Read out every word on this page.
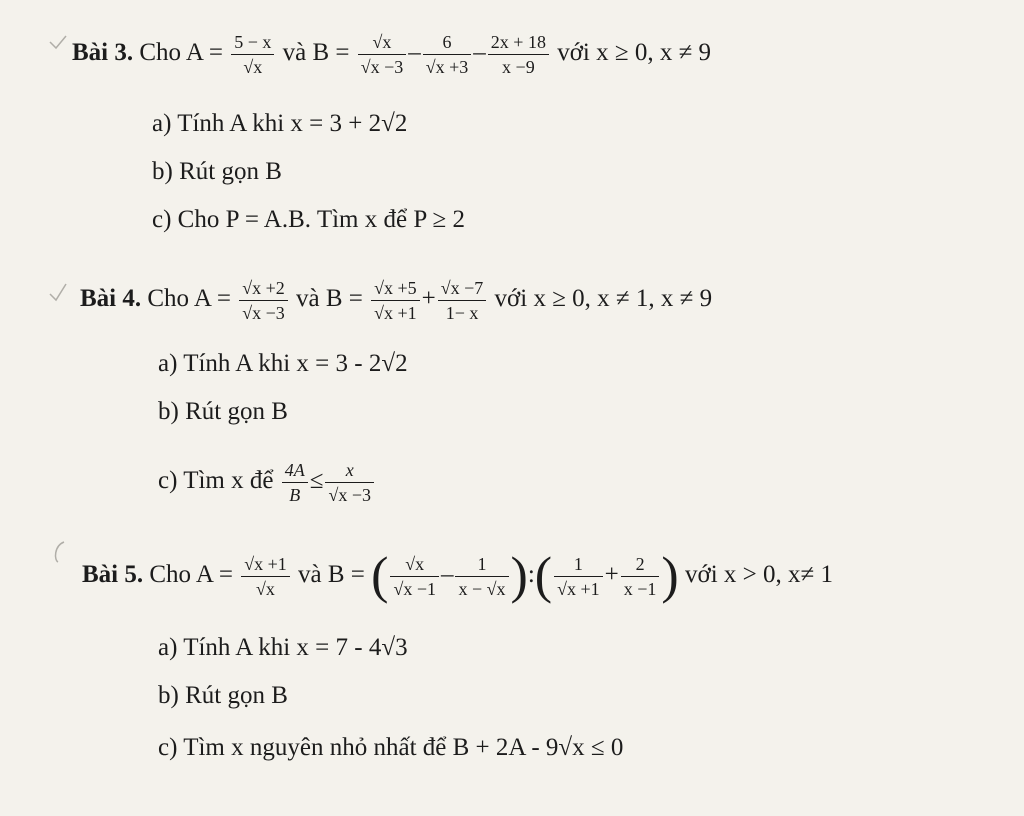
Bài 3. Cho $A = \frac{5 - x}{√x}$ và $B = \frac{√x}{√x -3} - \frac{6}{√x +3} - \frac{2x + 18}{x -9}$ với x ≥ 0, x ≠ 9
a) Tính A khi x = 3 + 2√2
b) Rút gọn B
c) Cho P = A.B. Tìm x để P ≥ 2
Bài 4. Cho $A = \frac{√x +2}{√x -3}$ và $B = \frac{√x +5}{√x +1} + \frac{√x -7}{1- x}$ với x ≥ 0, x ≠ 1, x ≠ 9
a) Tính A khi x = 3 - 2√2
b) Rút gọn B
c) Tìm x để $\frac{4A}{B} \le \frac{x}{√x -3}$
Bài 5. Cho $A = \frac{√x +1}{√x}$ và B = ( $\frac{√x}{√x -1} - \frac{1}{x - √x}$ ):( $\frac{1}{√x +1} + \frac{2}{x -1}$ ) với x > 0, x≠ 1
a) Tính A khi x = 7 - 4√3
b) Rút gọn B
c) Tìm x nguyên nhỏ nhất để B + 2A - 9√x ≤ 0
